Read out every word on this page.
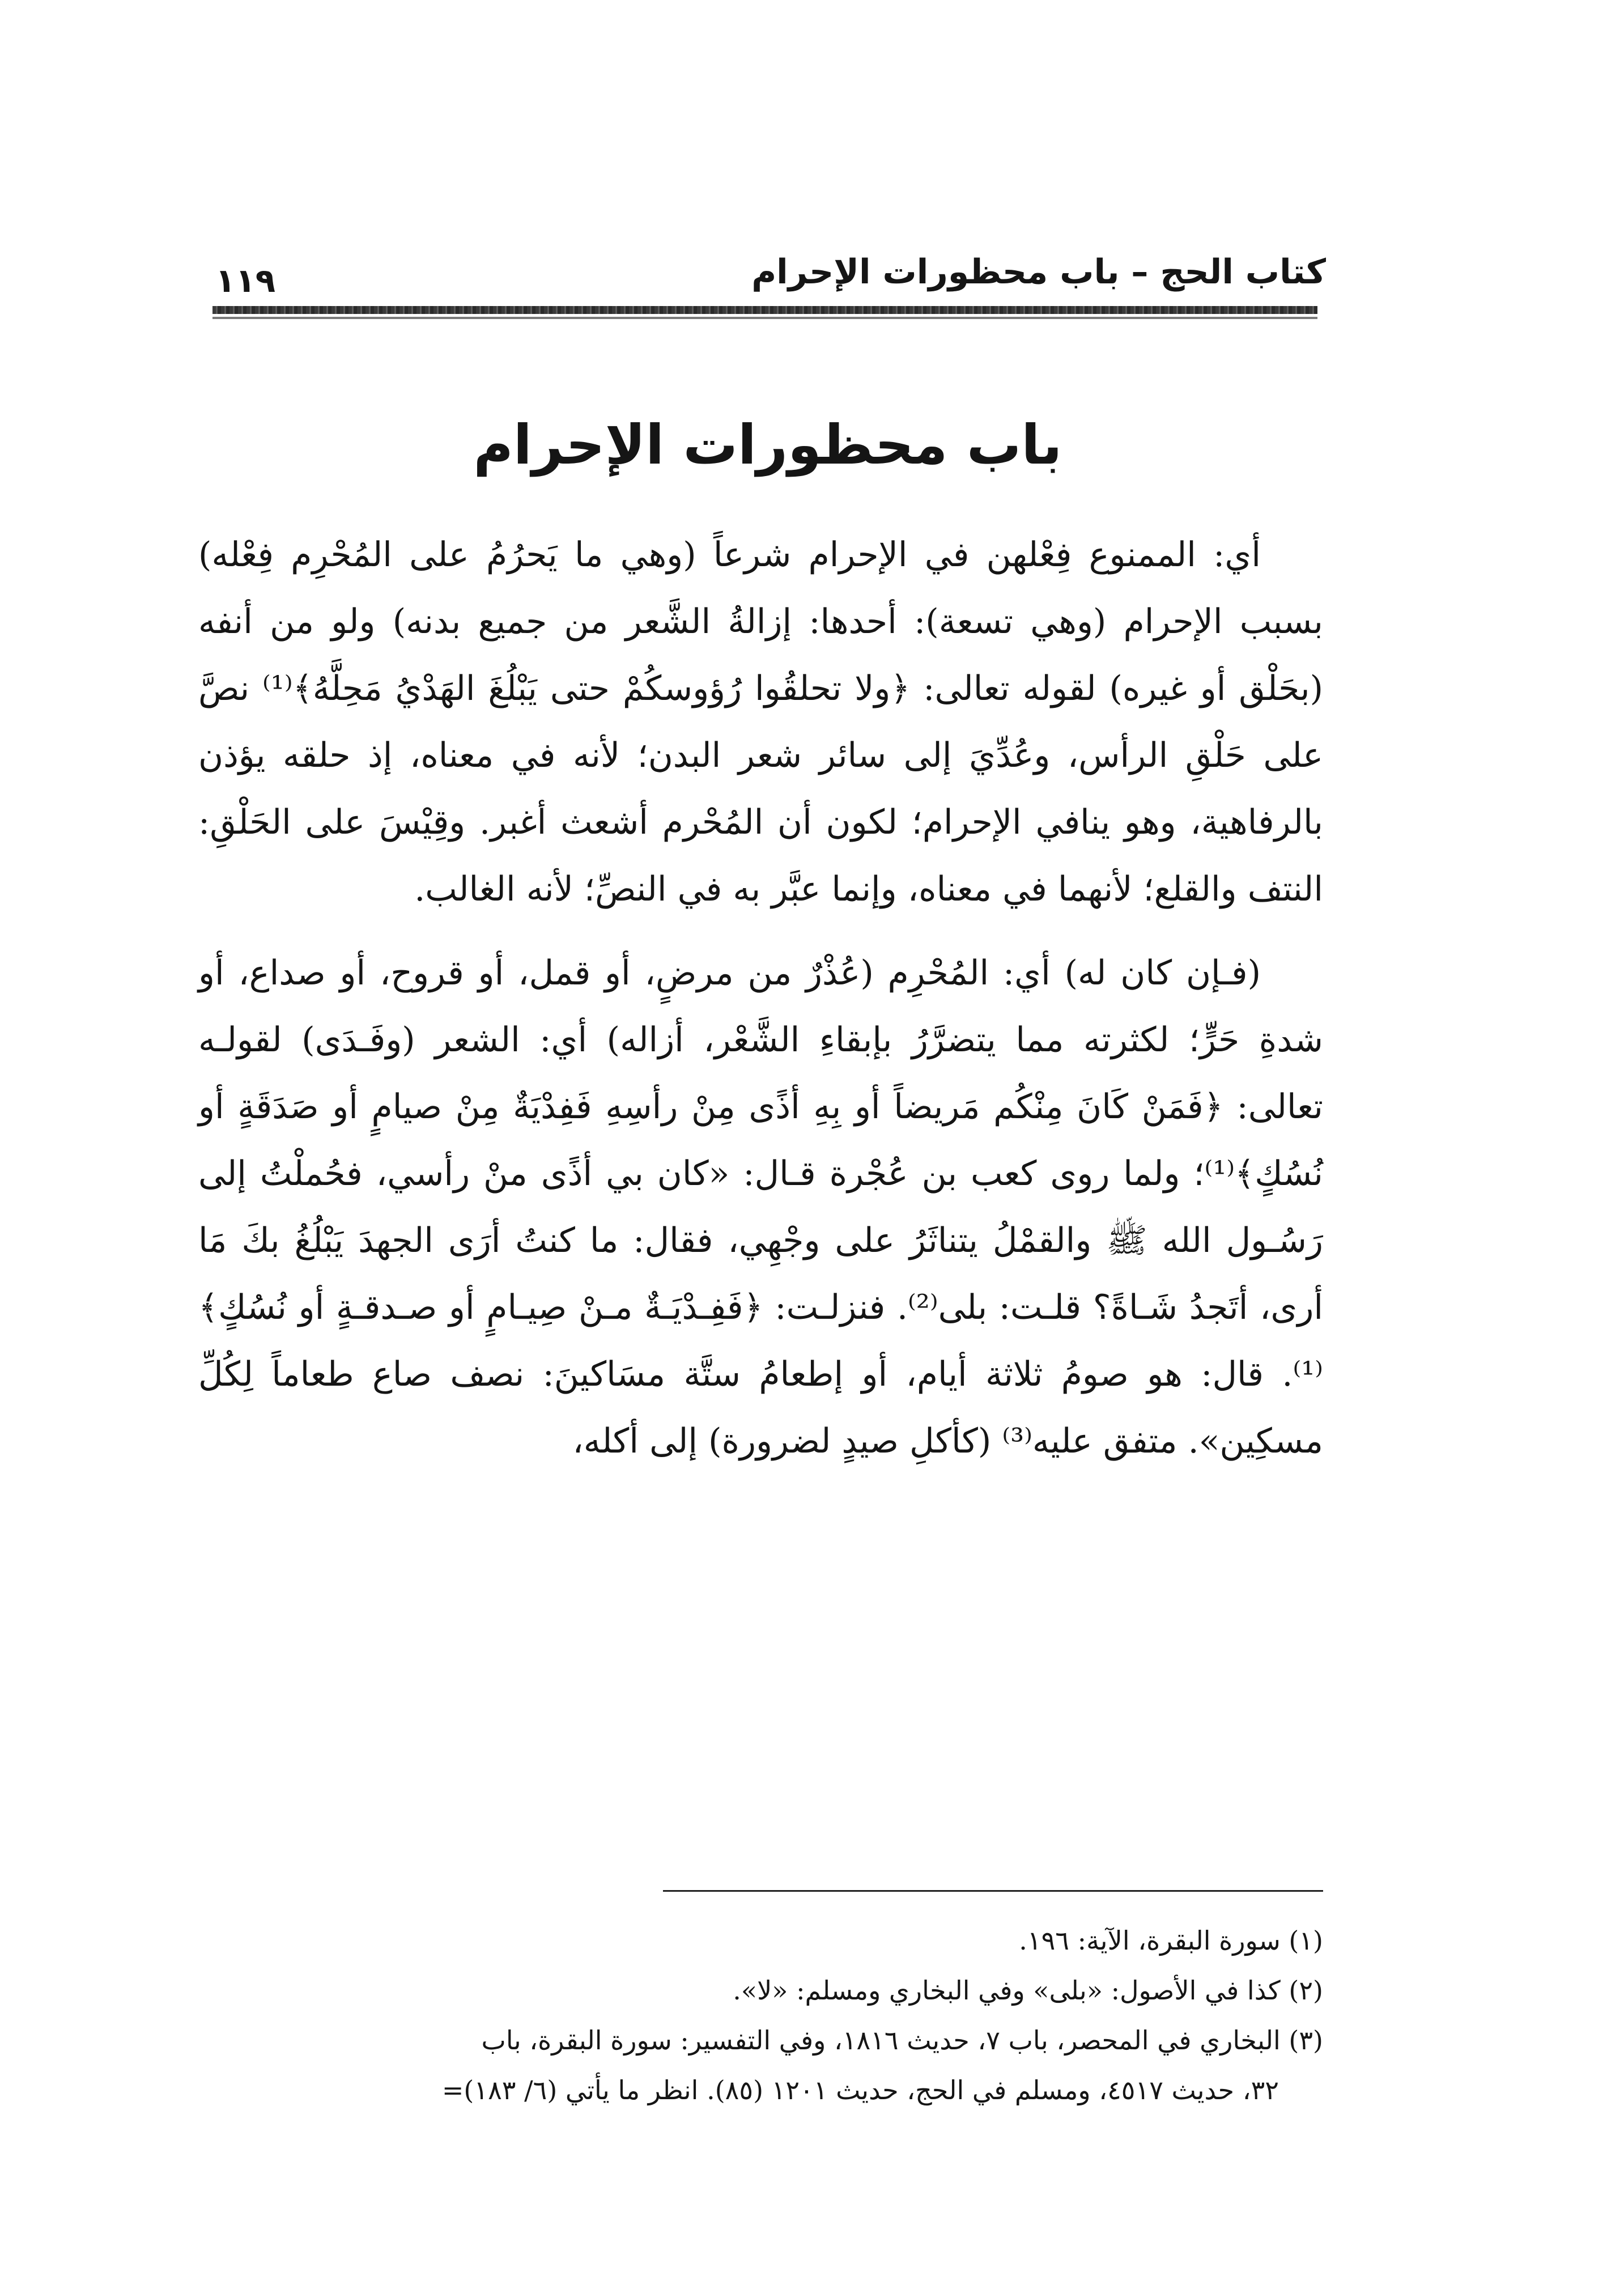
كتاب الحج – باب محظورات الإحرام
١١٩
باب محظورات الإحرام

أي: الممنوع فِعْلهن في الإحرام شرعاً (وهي ما يَحرُمُ على المُحْرِم فِعْله) بسبب الإحرام (وهي تسعة): أحدها: إزالةُ الشَّعر من جميع بدنه) ولو من أنفه (بحَلْق أو غيره) لقوله تعالى: ﴿ولا تحلقُوا رُؤوسكُمْ حتى يَبْلُغَ الهَدْيُ مَحِلَّهُ﴾⁽¹⁾ نصَّ على حَلْقِ الرأس، وعُدِّيَ إلى سائر شعر البدن؛ لأنه في معناه، إذ حلقه يؤذن بالرفاهية، وهو ينافي الإحرام؛ لكون أن المُحْرم أشعث أغبر. وقِيْسَ على الحَلْقِ: النتف والقلع؛ لأنهما في معناه، وإنما عبَّر به في النصِّ؛ لأنه الغالب.

(فـإن كان له) أي: المُحْرِم (عُذْرٌ من مرضٍ، أو قمل، أو قروح، أو صداع، أو شدةِ حَرٍّ؛ لكثرته مما يتضرَّرُ بإبقاءِ الشَّعْر، أزاله) أي: الشعر (وفَـدَى) لقولـه تعالى: ﴿فَمَنْ كَانَ مِنْكُم مَريضاً أو بِهِ أذًى مِنْ رأسِهِ فَفِدْيَةٌ مِنْ صيامٍ أو صَدَقَةٍ أو نُسُكٍ﴾⁽¹⁾؛ ولما روى كعب بن عُجْرة قـال: «كان بي أذًى منْ رأسي، فحُملْتُ إلى رَسُـول الله ﷺ والقمْلُ يتناثَرُ على وجْهِي، فقال: ما كنتُ أرَى الجهدَ يَبْلُغُ بكَ مَا أرى، أتَجدُ شَـاةً؟ قلـت: بلى⁽²⁾. فنزلـت: ﴿فَفِـدْيَـةٌ مـنْ صِيـامٍ أو صـدقـةٍ أو نُسُكٍ﴾⁽¹⁾. قال: هو صومُ ثلاثة أيام، أو إطعامُ ستَّة مسَاكينَ: نصف صاع طعاماً لِكُلِّ مسكِين». متفق عليه⁽³⁾ (كأكلِ صيدٍ لضرورة) إلى أكله،

(١) سورة البقرة، الآية: ١٩٦.

(٢) كذا في الأصول: «بلى» وفي البخاري ومسلم: «لا».

(٣) البخاري في المحصر، باب ٧، حديث ١٨١٦، وفي التفسير: سورة البقرة، باب

٣٢، حديث ٤٥١٧، ومسلم في الحج، حديث ١٢٠١ (٨٥). انظر ما يأتي (٦/ ١٨٣)=
